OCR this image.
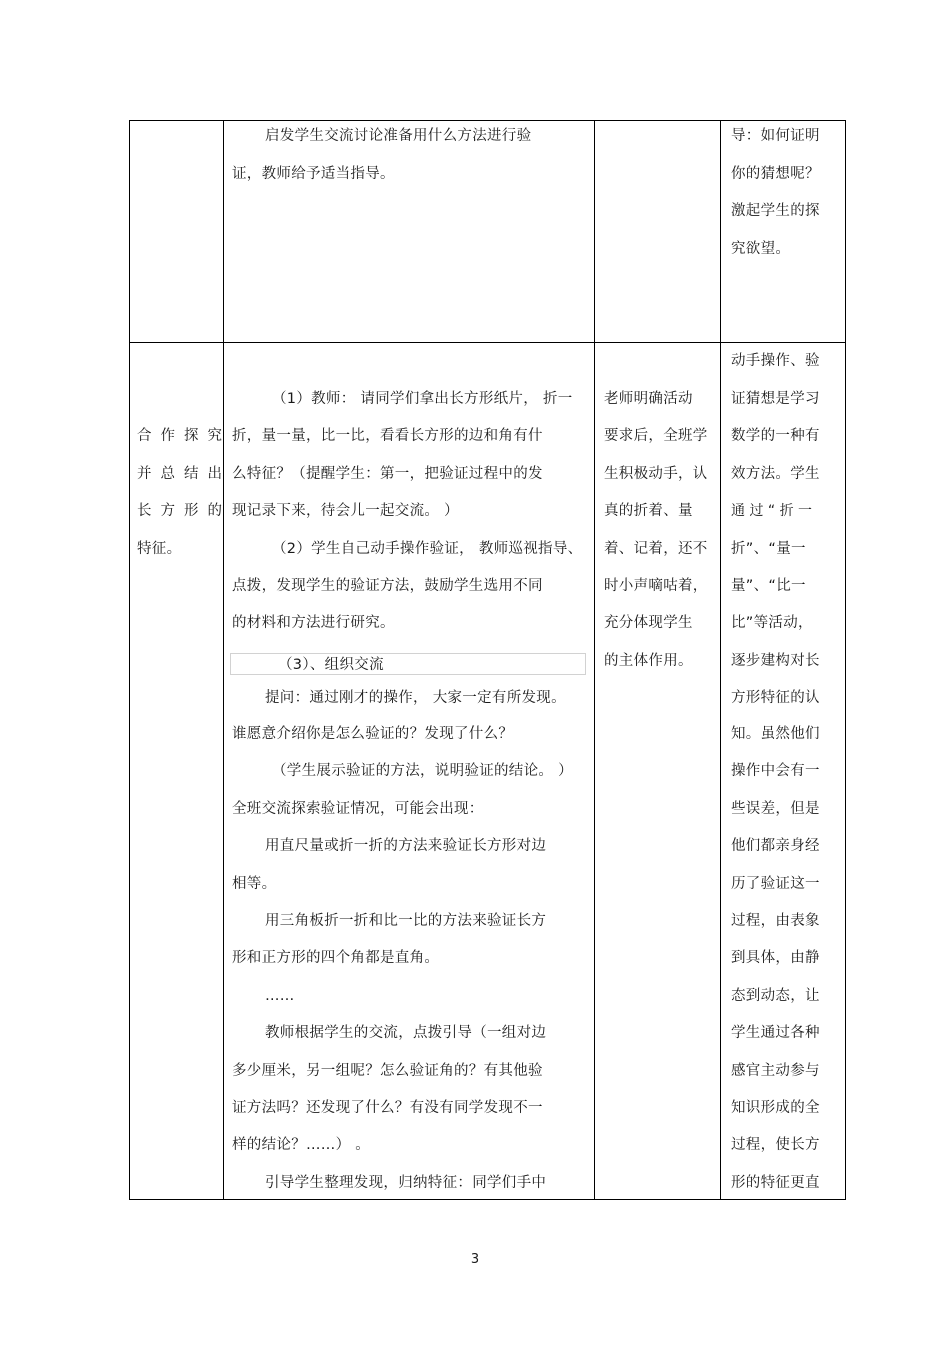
启发学生交流讨论准备用什么方法进行验
证，教师给予适当指导。
导：如何证明
你的猜想呢？
激起学生的探
究欲望。
合作探究
并总结出
长方形的
特征。
（1）教师： 请同学们拿出长方形纸片， 折一
折，量一量，比一比，看看长方形的边和角有什
么特征？（提醒学生：第一，把验证过程中的发
现记录下来，待会儿一起交流。 ）
（2）学生自己动手操作验证， 教师巡视指导、
点拨，发现学生的验证方法，鼓励学生选用不同
的材料和方法进行研究。
（3）、组织交流
提问：通过刚才的操作， 大家一定有所发现。
谁愿意介绍你是怎么验证的？发现了什么？
（学生展示验证的方法，说明验证的结论。 ）
全班交流探索验证情况，可能会出现：
用直尺量或折一折的方法来验证长方形对边
相等。
用三角板折一折和比一比的方法来验证长方
形和正方形的四个角都是直角。
……
教师根据学生的交流，点拨引导（一组对边
多少厘米，另一组呢？怎么验证角的？有其他验
证方法吗？还发现了什么？有没有同学发现不一
样的结论？……） 。
引导学生整理发现，归纳特征：同学们手中
老师明确活动
要求后，全班学
生积极动手，认
真的折着、量
着、记着，还不
时小声嘀咕着，
充分体现学生
的主体作用。
动手操作、验
证猜想是学习
数学的一种有
效方法。学生
通 过 “ 折 一
折”、“量一
量”、“比一
比”等活动，
逐步建构对长
方形特征的认
知。虽然他们
操作中会有一
些误差，但是
他们都亲身经
历了验证这一
过程，由表象
到具体，由静
态到动态，让
学生通过各种
感官主动参与
知识形成的全
过程，使长方
形的特征更直
3
